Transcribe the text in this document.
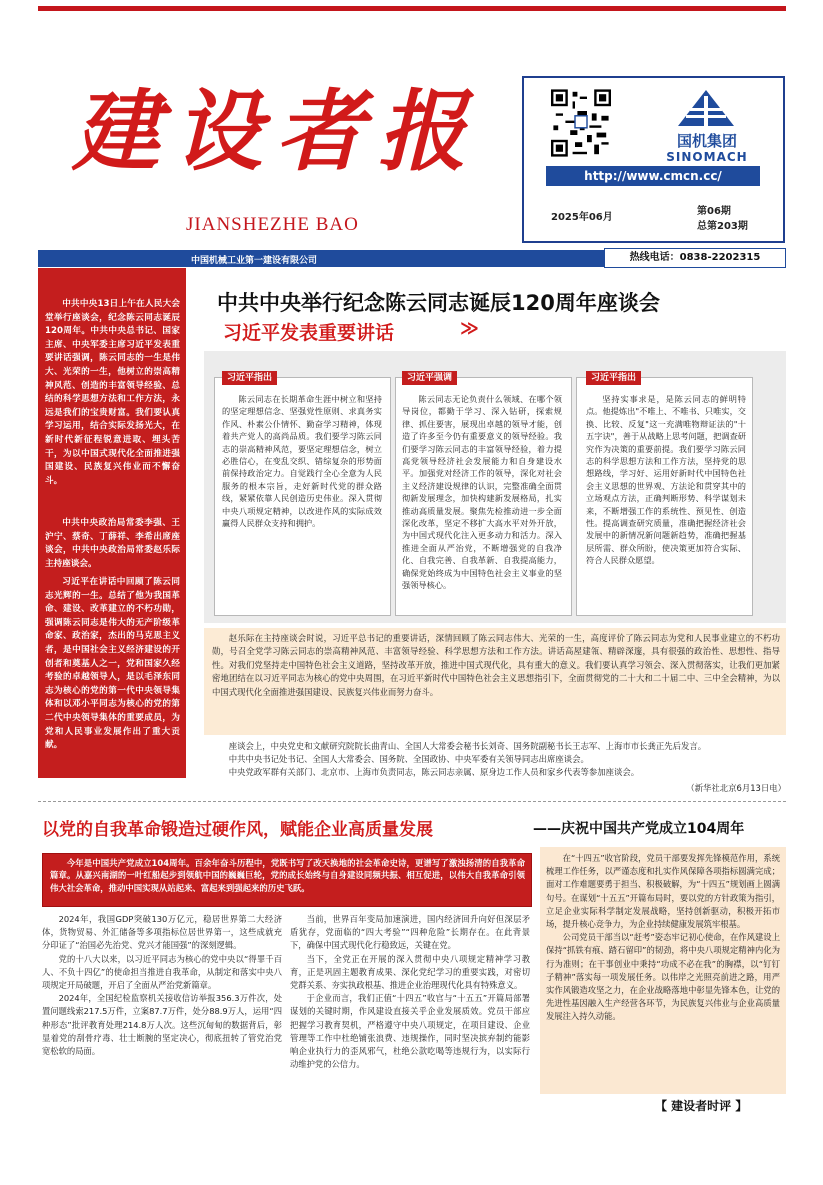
建设者报
JIANSHEZHE BAO
国机集团
SINOMACH
http://www.cmcn.cc/
2025年06月
第06期
总第203期
中国机械工业第一建设有限公司	热线电话：0838-2202315

中共中央13日上午在人民大会堂举行座谈会，纪念陈云同志诞辰120周年。中共中央总书记、国家主席、中央军委主席习近平发表重要讲话强调，陈云同志的一生是伟大、光荣的一生，他树立的崇高精神风范、创造的丰富领导经验、总结的科学思想方法和工作方法，永远是我们的宝贵财富。我们要认真学习运用，结合实际发扬光大，在新时代新征程锐意进取、埋头苦干，为以中国式现代化全面推进强国建设、民族复兴伟业而不懈奋斗。

中共中央政治局常委李强、王沪宁、蔡奇、丁薛祥、李希出席座谈会，中共中央政治局常委赵乐际主持座谈会。

习近平在讲话中回顾了陈云同志光辉的一生。总结了他为我国革命、建设、改革建立的不朽功勋，强调陈云同志是伟大的无产阶级革命家、政治家，杰出的马克思主义者，是中国社会主义经济建设的开创者和奠基人之一，党和国家久经考验的卓越领导人，是以毛泽东同志为核心的党的第一代中央领导集体和以邓小平同志为核心的党的第二代中央领导集体的重要成员，为党和人民事业发展作出了重大贡献。

中共中央举行纪念陈云同志诞辰120周年座谈会
习近平发表重要讲话	≫
习近平指出
陈云同志在长期革命生涯中树立和坚持的坚定理想信念、坚强党性原则、求真务实作风、朴素公仆情怀、勤奋学习精神，体现着共产党人的高尚品质。我们要学习陈云同志的崇高精神风范，要坚定理想信念，树立必胜信心，在变乱交织、错综复杂的形势面前保持政治定力。自觉践行全心全意为人民服务的根本宗旨，走好新时代党的群众路线，紧紧依靠人民创造历史伟业。深入贯彻中央八项规定精神，以改进作风的实际成效赢得人民群众支持和拥护。
习近平强调
陈云同志无论负责什么领域、在哪个领导岗位，都勤于学习、深入钻研，探索规律、抓住要害，展现出卓越的领导才能，创造了许多至今仍有重要意义的领导经验。我们要学习陈云同志的丰富领导经验，着力提高党领导经济社会发展能力和自身建设水平。加强党对经济工作的领导，深化对社会主义经济建设规律的认识，完整准确全面贯彻新发展理念，加快构建新发展格局，扎实推动高质量发展。聚焦先检推动进一步全面深化改革，坚定不移扩大高水平对外开放，为中国式现代化注入更多动力和活力。深入推进全面从严治党，不断增强党的自我净化、自我完善、自我革新、自我提高能力，确保党始终成为中国特色社会主义事业的坚强领导核心。
习近平指出
坚持实事求是，是陈云同志的鲜明特点。他提炼出"不唯上、不唯书、只唯实，交换、比较、反复"这一充满唯物辩证法的"十五字诀"，善于从战略上思考问题，把调查研究作为决策的重要前提。我们要学习陈云同志的科学思想方法和工作方法，坚持党的思想路线，学习好、运用好新时代中国特色社会主义思想的世界观、方法论和贯穿其中的立场观点方法，正确判断形势、科学谋划未来，不断增强工作的系统性、预见性、创造性。提高调查研究质量，准确把握经济社会发展中的新情况新问题新趋势，准确把握基层所需、群众所盼，使决策更加符合实际、符合人民群众愿望。

赵乐际在主持座谈会时说，习近平总书记的重要讲话，深情回顾了陈云同志伟大、光荣的一生，高度评价了陈云同志为党和人民事业建立的不朽功勋，号召全党学习陈云同志的崇高精神风范、丰富领导经验、科学思想方法和工作方法。讲话高屋建瓴、精辟深邃，具有很强的政治性、思想性、指导性。对我们党坚持走中国特色社会主义道路，坚持改革开放，推进中国式现代化，具有重大的意义。我们要认真学习领会、深入贯彻落实，让我们更加紧密地团结在以习近平同志为核心的党中央周围，在习近平新时代中国特色社会主义思想指引下，全面贯彻党的二十大和二十届二中、三中全会精神，为以中国式现代化全面推进强国建设、民族复兴伟业而努力奋斗。

座谈会上，中央党史和文献研究院院长曲青山、全国人大常委会秘书长刘奇、国务院副秘书长王志军、上海市市长龚正先后发言。

中共中央书记处书记、全国人大常委会、国务院、全国政协、中央军委有关领导同志出席座谈会。

中央党政军群有关部门、北京市、上海市负责同志，陈云同志亲属、原身边工作人员和家乡代表等参加座谈会。

（新华社北京6月13日电）
以党的自我革命锻造过硬作风，赋能企业高质量发展	——庆祝中国共产党成立104周年

今年是中国共产党成立104周年。百余年奋斗历程中，党既书写了改天换地的社会革命史诗，更谱写了激浊扬清的自我革命篇章。从嘉兴南湖的一叶红船起步到领航中国的巍巍巨轮，党的成长始终与自身建设同频共振、相互促进，以伟大自我革命引领伟大社会革命，推动中国实现从站起来、富起来到强起来的历史飞跃。

2024年，我国GDP突破130万亿元，稳居世界第二大经济体，货物贸易、外汇储备等多项指标位居世界第一，这些成就充分印证了“治国必先治党、党兴才能国强”的深刻逻辑。

党的十八大以来，以习近平同志为核心的党中央以“得罪千百人、不负十四亿”的使命担当推进自我革命，从制定和落实中央八项规定开局破题，开启了全面从严治党新篇章。

2024年，全国纪检监察机关接收信访举报356.3万件次，处置问题线索217.5万件，立案87.7万件，处分88.9万人，运用“四种形态”批评教育处理214.8万人次。这些沉甸甸的数据背后，彰显着党的刮骨疗毒、壮士断腕的坚定决心，彻底扭转了管党治党宽松软的局面。

当前，世界百年变局加速演进，国内经济回升向好但深层矛盾犹存，党面临的“四大考验”“四种危险”长期存在。在此背景下，确保中国式现代化行稳致远，关键在党。

当下，全党正在开展的深入贯彻中央八项规定精神学习教育，正是巩固主题教育成果、深化党纪学习的重要实践，对密切党群关系、夯实执政根基、推进企业治理现代化具有特殊意义。

于企业而言，我们正值“十四五”收官与“十五五”开篇局部署谋划的关键时期，作风建设直接关乎企业发展质效。党员干部应把握学习教育契机，严格遵守中央八项规定，在项目建设、企业管理等工作中杜绝铺张浪费、违规操作，同时坚决摈弃制约能影响企业执行力的歪风邪气，杜绝公款吃喝等违规行为，以实际行动维护党的公信力。

在“十四五”收官阶段，党员干部要发挥先锋模范作用，系统梳理工作任务，以严谨态度和扎实作风保障各项指标圆满完成；面对工作难题要勇于担当、积极破解，为“十四五”规划画上圆满句号。在谋划“十五五”开篇布局时，要以党的方针政策为指引，立足企业实际科学制定发展战略，坚持创新驱动，积极开拓市场，提升核心竞争力，为企业持续健康发展筑牢根基。

公司党员干部当以“赶考”姿态牢记初心使命，在作风建设上保持“抓铁有痕、踏石留印”的韧劲，将中央八项规定精神内化为行为准则；在干事创业中秉持“功成不必在我”的胸襟，以“钉钉子精神”落实每一项发展任务。以伟岸之光照亮前进之路，用严实作风锻造攻坚之力，在企业战略落地中彰显先锋本色，让党的先进性基因融入生产经营各环节，为民族复兴伟业与企业高质量发展注入持久动能。

【 建设者时评 】
